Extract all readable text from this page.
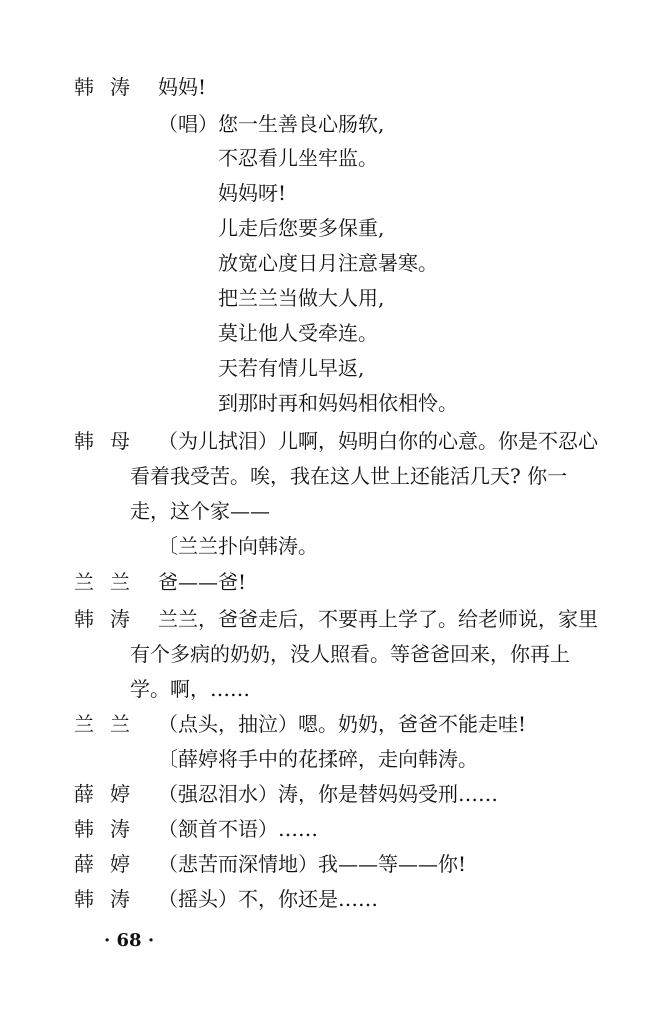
韩涛 妈妈!
（唱）您一生善良心肠软,
不忍看儿坐牢监。
妈妈呀!
儿走后您要多保重,
放宽心度日月注意暑寒。
把兰兰当做大人用,
莫让他人受牵连。
天若有情儿早返,
到那时再和妈妈相依相怜。
韩母 （为儿拭泪）儿啊，妈明白你的心意。你是不忍心
看着我受苦。唉，我在这人世上还能活几天? 你一
走，这个家——
〔兰兰扑向韩涛。
兰兰 爸——爸!
韩涛 兰兰，爸爸走后，不要再上学了。给老师说，家里
有个多病的奶奶，没人照看。等爸爸回来，你再上
学。啊，……
兰兰 （点头，抽泣）嗯。奶奶，爸爸不能走哇!
〔薛婷将手中的花揉碎，走向韩涛。
薛婷 （强忍泪水）涛，你是替妈妈受刑……
韩涛 （颔首不语）……
薛婷 （悲苦而深情地）我——等——你!
韩涛 （摇头）不，你还是……
· 68 ·
